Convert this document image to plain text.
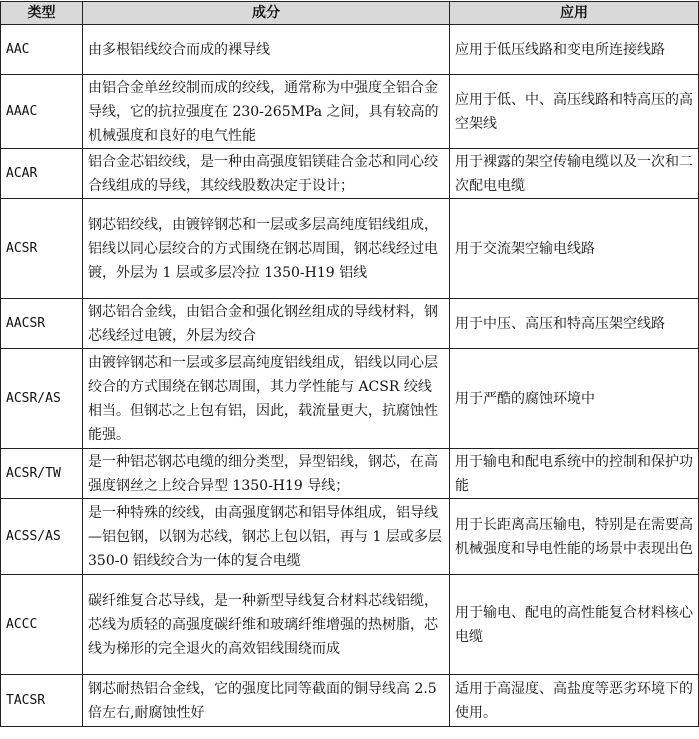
类型	成分	应用
AAC	由多根铝线绞合而成的裸导线	应用于低压线路和变电所连接线路
AAAC	由铝合金单丝绞制而成的绞线，通常称为中强度全铝合金导线，它的抗拉强度在 230-265MPa 之间，具有较高的机械强度和良好的电气性能	应用于低、中、高压线路和特高压的高空架线
ACAR	铝合金芯铝绞线，是一种由高强度铝镁硅合金芯和同心绞合线组成的导线，其绞线股数决定于设计；	用于裸露的架空传输电缆以及一次和二次配电电缆
ACSR	钢芯铝绞线，由镀锌钢芯和一层或多层高纯度铝线组成，铝线以同心层绞合的方式围绕在钢芯周围，钢芯线经过电镀，外层为 1 层或多层冷拉 1350-H19 铝线	用于交流架空输电线路
AACSR	钢芯铝合金线，由铝合金和强化钢丝组成的导线材料，钢芯线经过电镀，外层为绞合	用于中压、高压和特高压架空线路
ACSR/AS	由镀锌钢芯和一层或多层高纯度铝线组成，铝线以同心层绞合的方式围绕在钢芯周围，其力学性能与 ACSR 绞线相当。但钢芯之上包有铝，因此，载流量更大，抗腐蚀性能强。	用于严酷的腐蚀环境中
ACSR/TW	是一种铝芯钢芯电缆的细分类型，异型铝线，钢芯，在高强度钢丝之上绞合异型 1350-H19 导线；	用于输电和配电系统中的控制和保护功能
ACSS/AS	是一种特殊的绞线，由高强度钢芯和铝导体组成，铝导线—铝包钢，以钢为芯线，钢芯上包以铝，再与 1 层或多层 350-0 铝线绞合为一体的复合电缆	用于长距离高压输电，特别是在需要高机械强度和导电性能的场景中表现出色
ACCC	碳纤维复合芯导线，是一种新型导线复合材料芯线铝缆，芯线为质轻的高强度碳纤维和玻璃纤维增强的热树脂，芯线为梯形的完全退火的高效铝线围绕而成	用于输电、配电的高性能复合材料核心电缆
TACSR	钢芯耐热铝合金线，它的强度比同等截面的铜导线高 2.5 倍左右,耐腐蚀性好	适用于高湿度、高盐度等恶劣环境下的使用。
